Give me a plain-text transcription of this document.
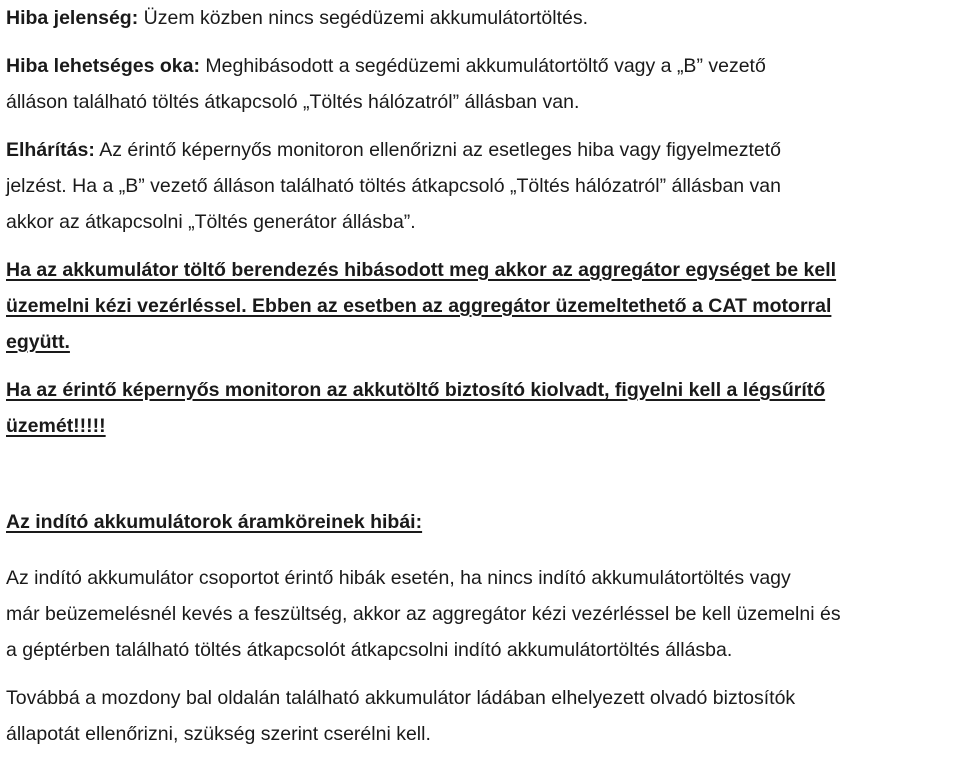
Hiba jelenség: Üzem közben nincs segédüzemi akkumulátortöltés.

Hiba lehetséges oka: Meghibásodott a segédüzemi akkumulátortöltő vagy a „B” vezető

álláson található töltés átkapcsoló „Töltés hálózatról” állásban van.

Elhárítás: Az érintő képernyős monitoron ellenőrizni az esetleges hiba vagy figyelmeztető

jelzést. Ha a „B” vezető álláson található töltés átkapcsoló „Töltés hálózatról” állásban van

akkor az átkapcsolni „Töltés generátor állásba”.

Ha az akkumulátor töltő berendezés hibásodott meg akkor az aggregátor egységet be kell

üzemelni kézi vezérléssel. Ebben az esetben az aggregátor üzemeltethető a CAT motorral

együtt.

Ha az érintő képernyős monitoron az akkutöltő biztosító kiolvadt, figyelni kell a légsűrítő

üzemét!!!!!

Az indító akkumulátorok áramköreinek hibái:

Az indító akkumulátor csoportot érintő hibák esetén, ha nincs indító akkumulátortöltés vagy

már beüzemelésnél kevés a feszültség, akkor az aggregátor kézi vezérléssel be kell üzemelni és

a géptérben található töltés átkapcsolót átkapcsolni indító akkumulátortöltés állásba.

Továbbá a mozdony bal oldalán található akkumulátor ládában elhelyezett olvadó biztosítók

állapotát ellenőrizni, szükség szerint cserélni kell.
